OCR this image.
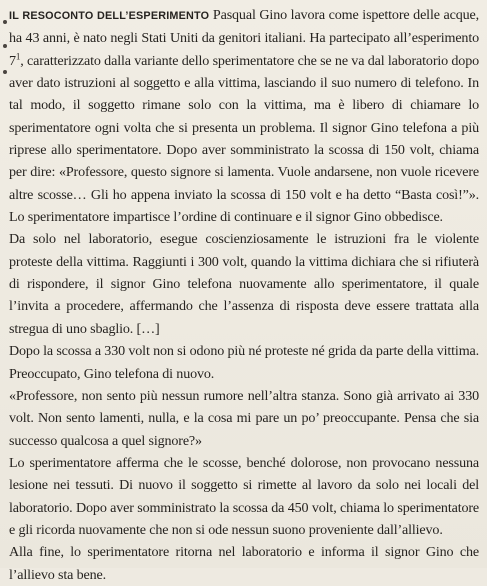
IL RESOCONTO DELL’ESPERIMENTO Pasqual Gino lavora come ispettore delle acque, ha 43 anni, è nato negli Stati Uniti da genitori italiani. Ha partecipato all’esperimento $7^1$, caratterizzato dalla variante dello sperimentatore che se ne va dal laboratorio dopo aver dato istruzioni al soggetto e alla vittima, lasciando il suo numero di telefono. In tal modo, il soggetto rimane solo con la vittima, ma è libero di chiamare lo sperimentatore ogni volta che si presenta un problema. Il signor Gino telefona a più riprese allo sperimentatore. Dopo aver somministrato la scossa di 150 volt, chiama per dire: «Professore, questo signore si lamenta. Vuole andarsene, non vuole ricevere altre scosse… Gli ho appena inviato la scossa di 150 volt e ha detto “Basta così!”». Lo sperimentatore impartisce l’ordine di continuare e il signor Gino obbedisce.

Da solo nel laboratorio, esegue coscienziosamente le istruzioni fra le violente proteste della vittima. Raggiunti i 300 volt, quando la vittima dichiara che si rifiuterà di rispondere, il signor Gino telefona nuovamente allo sperimentatore, il quale l’invita a procedere, affermando che l’assenza di risposta deve essere trattata alla stregua di uno sbaglio. […]

Dopo la scossa a 330 volt non si odono più né proteste né grida da parte della vittima. Preoccupato, Gino telefona di nuovo.

«Professore, non sento più nessun rumore nell’altra stanza. Sono già arrivato ai 330 volt. Non sento lamenti, nulla, e la cosa mi pare un po’ preoccupante. Pensa che sia successo qualcosa a quel signore?»

Lo sperimentatore afferma che le scosse, benché dolorose, non provocano nessuna lesione nei tessuti. Di nuovo il soggetto si rimette al lavoro da solo nei locali del laboratorio. Dopo aver somministrato la scossa da 450 volt, chiama lo sperimentatore e gli ricorda nuovamente che non si ode nessun suono proveniente dall’allievo.

Alla fine, lo sperimentatore ritorna nel laboratorio e informa il signor Gino che l’allievo sta bene.
